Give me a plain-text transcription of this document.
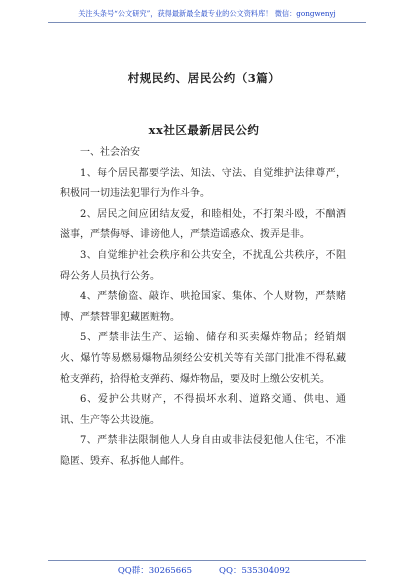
关注头条号“公文研究”，获得最新最全最专业的公文资料库！ 微信：gongwenyj
村规民约、居民公约（3篇）
xx社区最新居民公约

一、社会治安

1、每个居民都要学法、知法、守法、自觉维护法律尊严，积极同一切违法犯罪行为作斗争。

2、居民之间应团结友爱，和睦相处，不打架斗殴，不酗酒滋事，严禁侮辱、诽谤他人，严禁造谣惑众、拨弄是非。

3、自觉维护社会秩序和公共安全，不扰乱公共秩序，不阻碍公务人员执行公务。

4、严禁偷盗、敲诈、哄抢国家、集体、个人财物，严禁赌博、严禁替罪犯藏匿赃物。

5、严禁非法生产、运输、储存和买卖爆炸物品；经销烟火、爆竹等易燃易爆物品须经公安机关等有关部门批准不得私藏枪支弹药，拾得枪支弹药、爆炸物品，要及时上缴公安机关。

6、爱护公共财产，不得损坏水利、道路交通、供电、通讯、生产等公共设施。

7、严禁非法限制他人人身自由或非法侵犯他人住宅，不准隐匿、毁弃、私拆他人邮件。

QQ群：30265665          QQ：535304092
